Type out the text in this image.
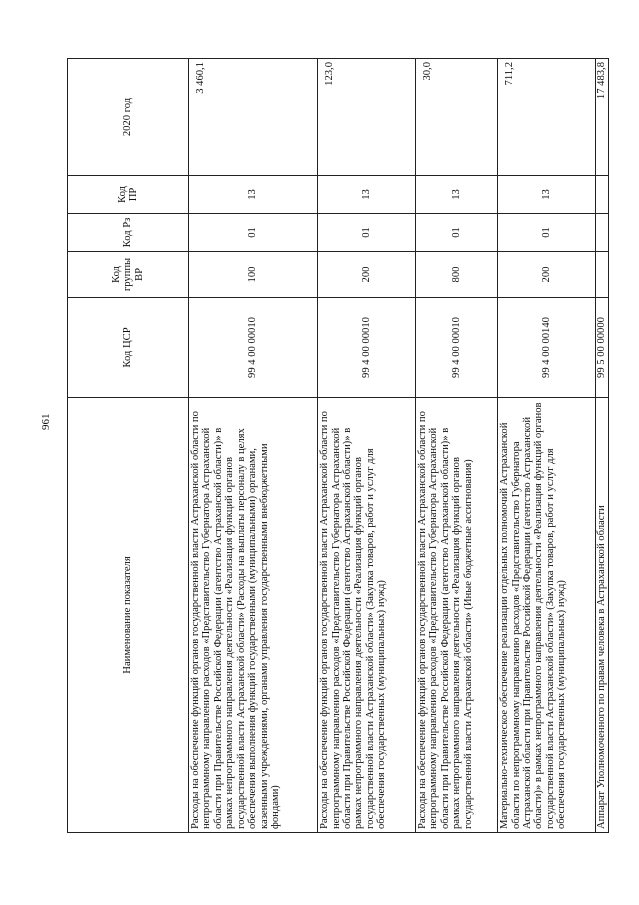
961
Наименование показателя	Код ЦСР	Код группы ВР	Код Рз	Код ПР	2020 год
Расходы на обеспечение функций органов государственной власти Астраханской области по непрограммному направлению расходов «Представительство Губернатора Астраханской области при Правительстве Российской Федерации (агентство Астраханской области)» в рамках непрограммного направления деятельности «Реализация функций органов государственной власти Астраханской области» (Расходы на выплаты персоналу в целях обеспечения выполнения функций государственными (муниципальными) органами, казенными учреждениями, органами управления государственными внебюджетными фондами)	99 4 00 00010	100	01	13	3 460,1
Расходы на обеспечение функций органов государственной власти Астраханской области по непрограммному направлению расходов «Представительство Губернатора Астраханской области при Правительстве Российской Федерации (агентство Астраханской области)» в рамках непрограммного направления деятельности «Реализация функций органов государственной власти Астраханской области» (Закупка товаров, работ и услуг для обеспечения государственных (муниципальных) нужд)	99 4 00 00010	200	01	13	123,0
Расходы на обеспечение функций органов государственной власти Астраханской области по непрограммному направлению расходов «Представительство Губернатора Астраханской области при Правительстве Российской Федерации (агентство Астраханской области)» в рамках непрограммного направления деятельности «Реализация функций органов государственной власти Астраханской области» (Иные бюджетные ассигнования)	99 4 00 00010	800	01	13	30,0
Материально-техническое обеспечение реализации отдельных полномочий Астраханской области по непрограммному направлению расходов «Представительство Губернатора Астраханской области при Правительстве Российской Федерации (агентство Астраханской области)» в рамках непрограммного направления деятельности «Реализация функций органов государственной власти Астраханской области» (Закупка товаров, работ и услуг для обеспечения государственных (муниципальных) нужд)	99 4 00 00140	200	01	13	711,2
Аппарат Уполномоченного по правам человека в Астраханской области	99 5 00 00000				17 483,8
